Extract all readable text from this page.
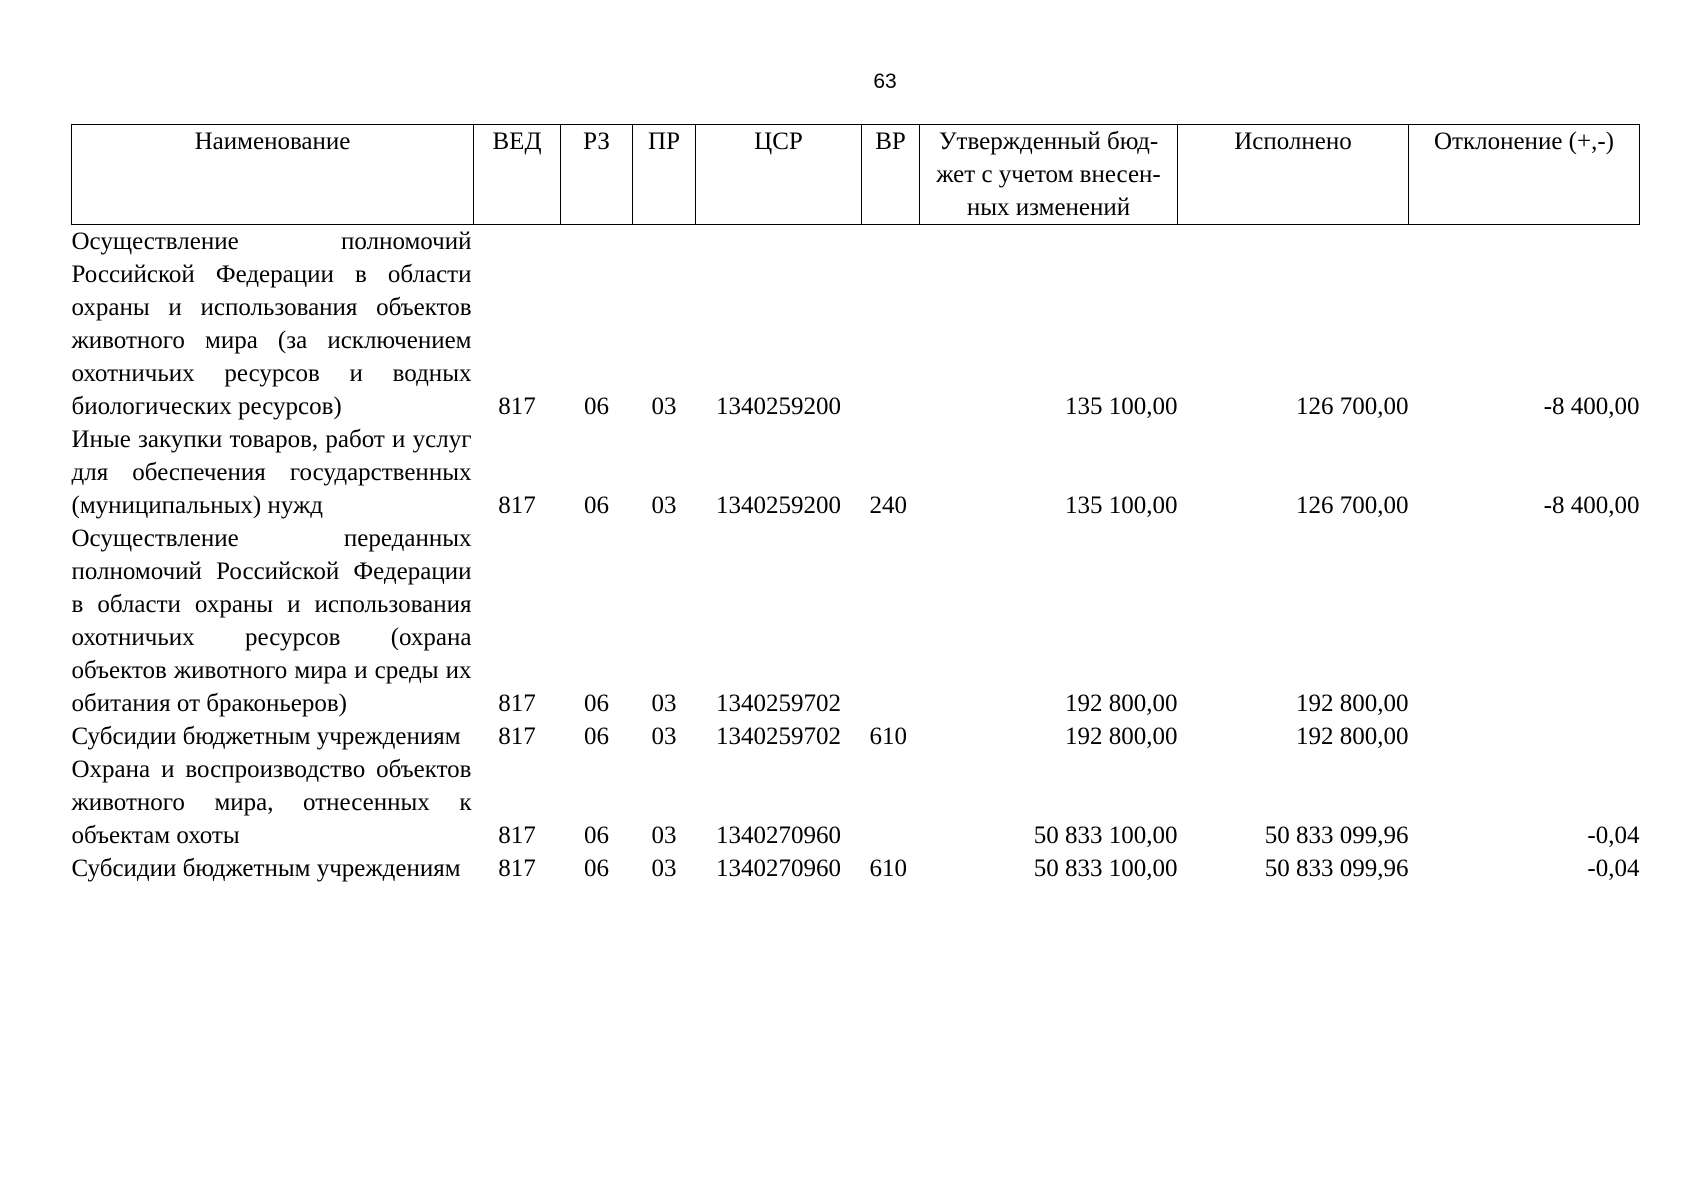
63
Наименование	ВЕД	РЗ	ПР	ЦСР	ВР	Утвержденный бюд-жет с учетом внесен-ных изменений	Исполнено	Отклонение (+,-)
Осуществление полномочий Российской Федерации в области охраны и использования объектов животного мира (за исключением охотничьих ресурсов и водных биологических ресурсов)	817	06	03	1340259200		135 100,00	126 700,00	-8 400,00
Иные закупки товаров, работ и услуг для обеспечения государственных (муниципальных) нужд	817	06	03	1340259200	240	135 100,00	126 700,00	-8 400,00
Осуществление переданных полномочий Российской Федерации в области охраны и использования охотничьих ресурсов (охрана объектов животного мира и среды их обитания от браконьеров)	817	06	03	1340259702		192 800,00	192 800,00	
Субсидии бюджетным учреждениям	817	06	03	1340259702	610	192 800,00	192 800,00	
Охрана и воспроизводство объектов животного мира, отнесенных к объектам охоты	817	06	03	1340270960		50 833 100,00	50 833 099,96	-0,04
Субсидии бюджетным учреждениям	817	06	03	1340270960	610	50 833 100,00	50 833 099,96	-0,04
